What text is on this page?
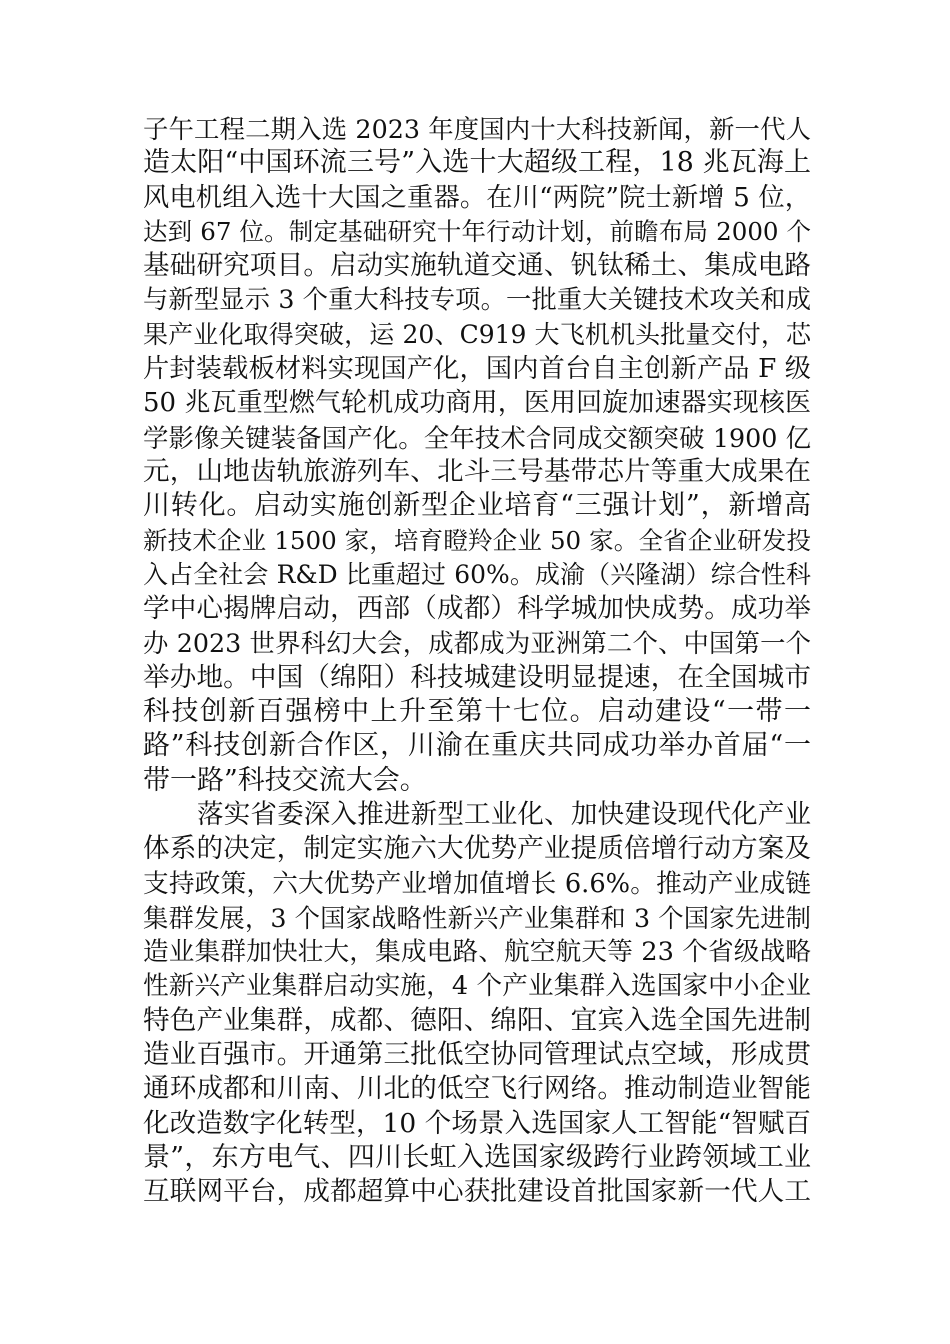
子午工程二期入选 2023 年度国内十大科技新闻，新一代人
造太阳“中国环流三号”入选十大超级工程，18 兆瓦海上
风电机组入选十大国之重器。在川“两院”院士新增 5 位，
达到 67 位。制定基础研究十年行动计划，前瞻布局 2000 个
基础研究项目。启动实施轨道交通、钒钛稀土、集成电路
与新型显示 3 个重大科技专项。一批重大关键技术攻关和成
果产业化取得突破，运 20、C919 大飞机机头批量交付，芯
片封装载板材料实现国产化，国内首台自主创新产品 F 级
50 兆瓦重型燃气轮机成功商用，医用回旋加速器实现核医
学影像关键装备国产化。全年技术合同成交额突破 1900 亿
元，山地齿轨旅游列车、北斗三号基带芯片等重大成果在
川转化。启动实施创新型企业培育“三强计划”，新增高
新技术企业 1500 家，培育瞪羚企业 50 家。全省企业研发投
入占全社会 R&D 比重超过 60%。成渝（兴隆湖）综合性科
学中心揭牌启动，西部（成都）科学城加快成势。成功举
办 2023 世界科幻大会，成都成为亚洲第二个、中国第一个
举办地。中国（绵阳）科技城建设明显提速，在全国城市
科技创新百强榜中上升至第十七位。启动建设“一带一
路”科技创新合作区，川渝在重庆共同成功举办首届“一
带一路”科技交流大会。
落实省委深入推进新型工业化、加快建设现代化产业
体系的决定，制定实施六大优势产业提质倍增行动方案及
支持政策，六大优势产业增加值增长 6.6%。推动产业成链
集群发展，3 个国家战略性新兴产业集群和 3 个国家先进制
造业集群加快壮大，集成电路、航空航天等 23 个省级战略
性新兴产业集群启动实施，4 个产业集群入选国家中小企业
特色产业集群，成都、德阳、绵阳、宜宾入选全国先进制
造业百强市。开通第三批低空协同管理试点空域，形成贯
通环成都和川南、川北的低空飞行网络。推动制造业智能
化改造数字化转型，10 个场景入选国家人工智能“智赋百
景”，东方电气、四川长虹入选国家级跨行业跨领域工业
互联网平台，成都超算中心获批建设首批国家新一代人工
